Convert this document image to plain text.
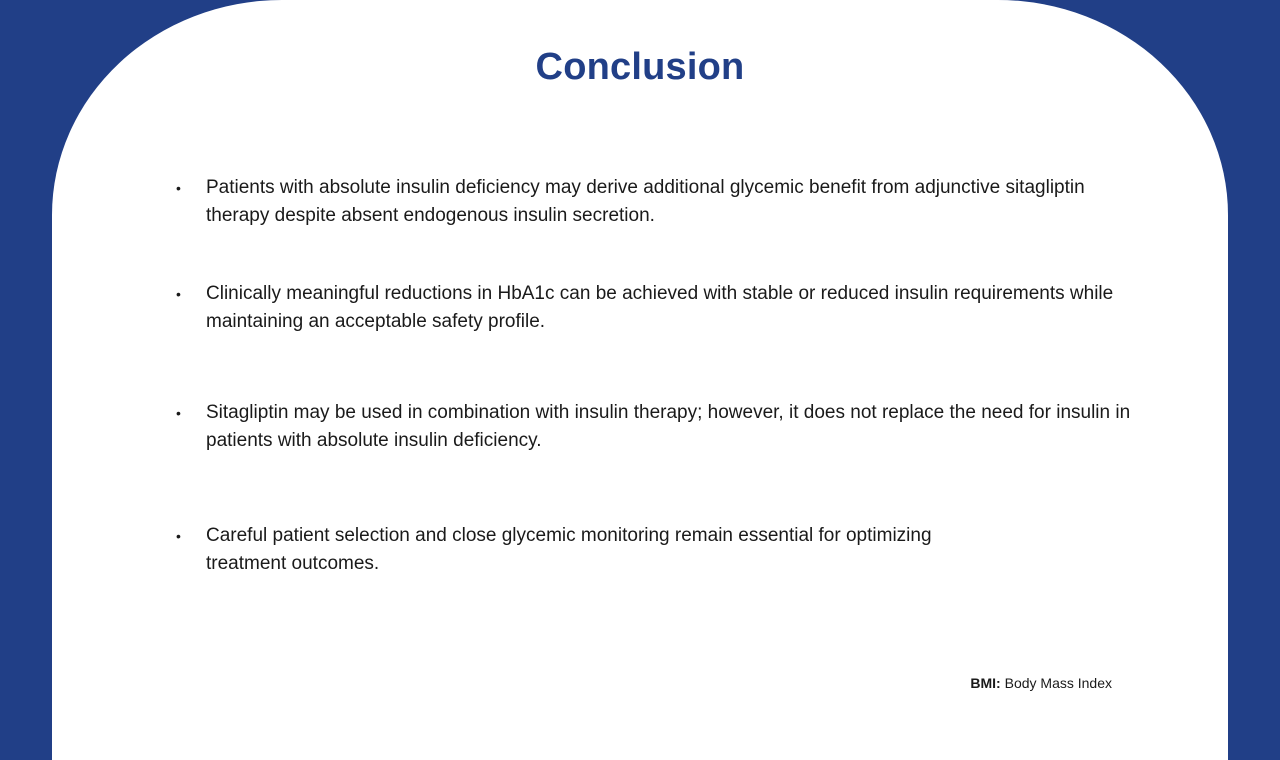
Conclusion
• Patients with absolute insulin deficiency may derive additional glycemic benefit from adjunctive sitagliptin therapy despite absent endogenous insulin secretion.
• Clinically meaningful reductions in HbA1c can be achieved with stable or reduced insulin requirements while maintaining an acceptable safety profile.
• Sitagliptin may be used in combination with insulin therapy; however, it does not replace the need for insulin in patients with absolute insulin deficiency.
• Careful patient selection and close glycemic monitoring remain essential for optimizing treatment outcomes.
BMI: Body Mass Index
